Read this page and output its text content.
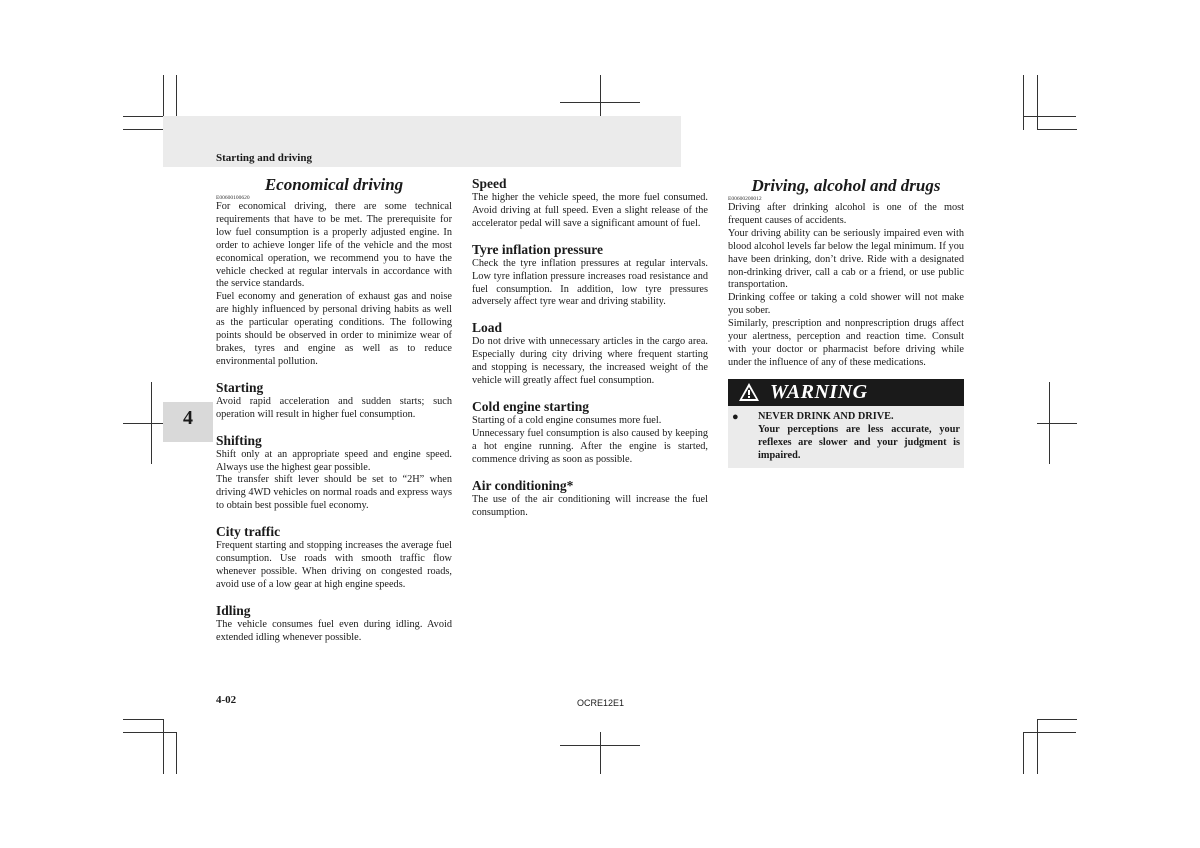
Starting and driving
4
Economical driving

E00600100620

For economical driving, there are some technical requirements that have to be met. The prerequisite for low fuel consumption is a properly adjusted engine. In order to achieve longer life of the vehicle and the most economical operation, we recommend you to have the vehicle checked at regular intervals in accordance with the service standards.

Fuel economy and generation of exhaust gas and noise are highly influenced by personal driving habits as well as the particular operating conditions. The following points should be observed in order to minimize wear of brakes, tyres and engine as well as to reduce environmental pollution.

Starting

Avoid rapid acceleration and sudden starts; such operation will result in higher fuel consumption.

Shifting

Shift only at an appropriate speed and engine speed. Always use the highest gear possible.

The transfer shift lever should be set to “2H” when driving 4WD vehicles on normal roads and express ways to obtain best possible fuel economy.

City traffic

Frequent starting and stopping increases the average fuel consumption. Use roads with smooth traffic flow whenever possible. When driving on congested roads, avoid use of a low gear at high engine speeds.

Idling

The vehicle consumes fuel even during idling. Avoid extended idling whenever possible.

Speed

The higher the vehicle speed, the more fuel consumed. Avoid driving at full speed. Even a slight release of the accelerator pedal will save a significant amount of fuel.

Tyre inflation pressure

Check the tyre inflation pressures at regular intervals. Low tyre inflation pressure increases road resistance and fuel consumption. In addition, low tyre pressures adversely affect tyre wear and driving stability.

Load

Do not drive with unnecessary articles in the cargo area. Especially during city driving where frequent starting and stopping is necessary, the increased weight of the vehicle will greatly affect fuel consumption.

Cold engine starting

Starting of a cold engine consumes more fuel.

Unnecessary fuel consumption is also caused by keeping a hot engine running. After the engine is started, commence driving as soon as possible.

Air conditioning*

The use of the air conditioning will increase the fuel consumption.

Driving, alcohol and drugs

E00600200012

Driving after drinking alcohol is one of the most frequent causes of accidents.

Your driving ability can be seriously impaired even with blood alcohol levels far below the legal minimum. If you have been drinking, don’t drive. Ride with a designated non-drinking driver, call a cab or a friend, or use public transportation.

Drinking coffee or taking a cold shower will not make you sober.

Similarly, prescription and nonprescription drugs affect your alertness, perception and reaction time. Consult with your doctor or pharmacist before driving while under the influence of any of these medications.

WARNING
●	NEVER DRINK AND DRIVE.

Your perceptions are less accurate, your reflexes are slower and your judgment is impaired.

4-02	OCRE12E1
